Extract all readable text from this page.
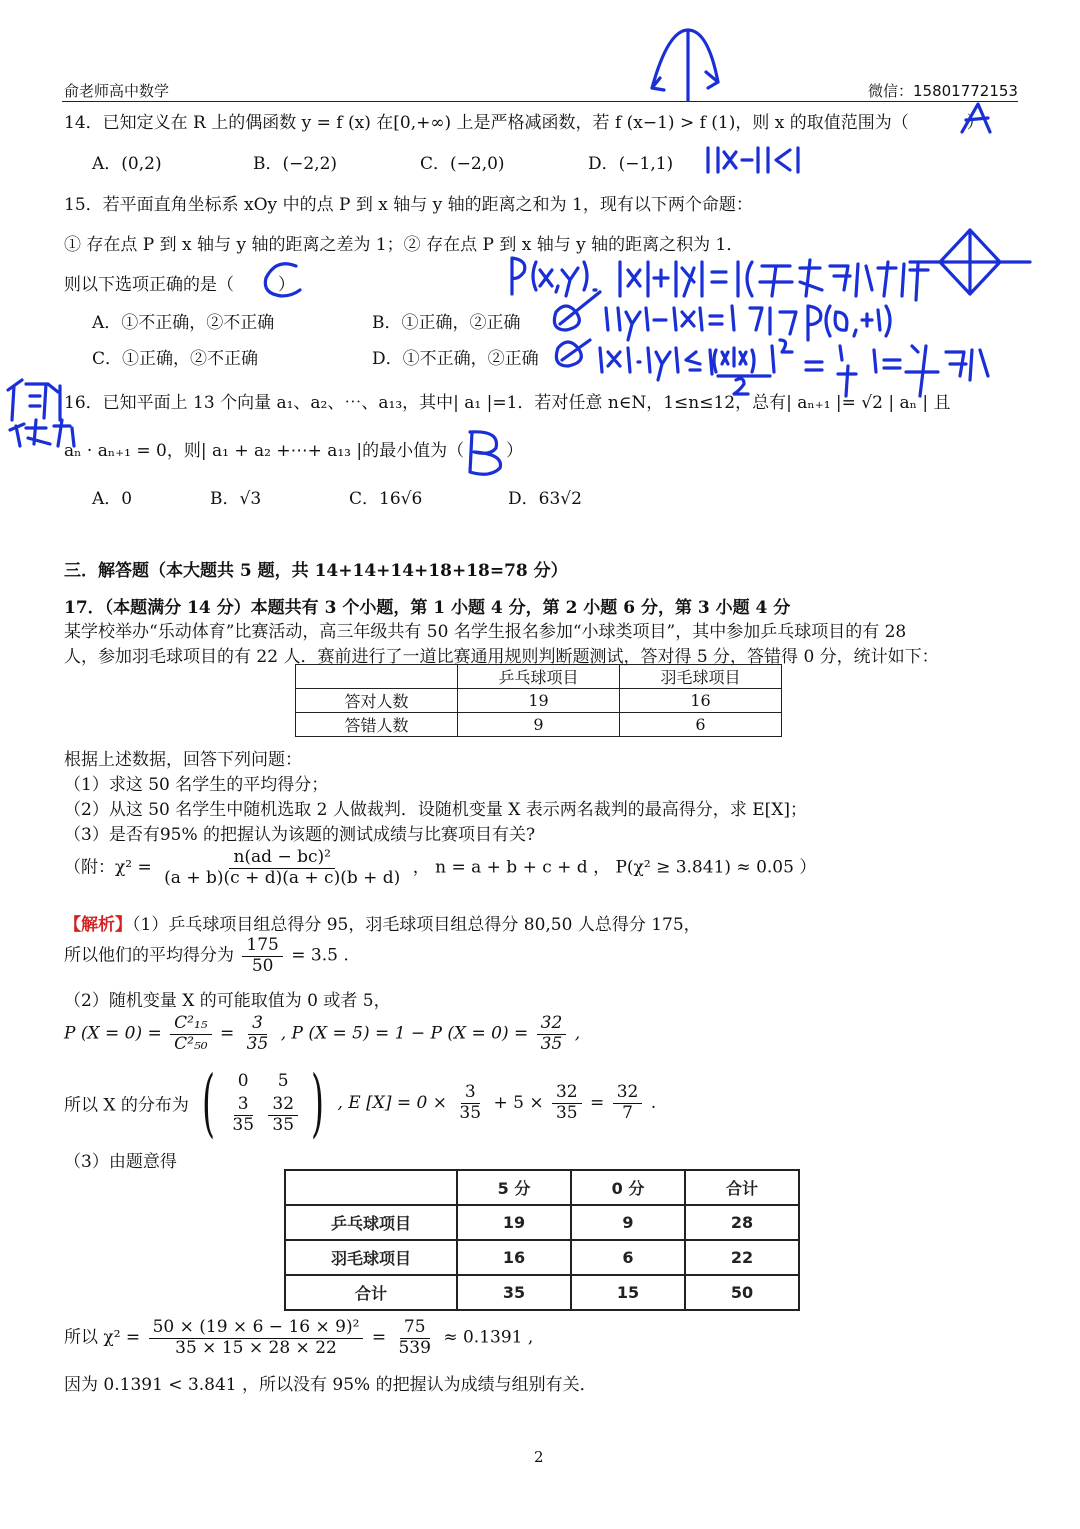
俞老师高中数学	微信：15801772153
14．已知定义在 R 上的偶函数 y = f (x) 在[0,+∞) 上是严格减函数，若 f (x−1) > f (1)，则 x 的取值范围为（	）
A．(0,2)	B．(−2,2)	C．(−2,0)	D．(−1,1)
15．若平面直角坐标系 xOy 中的点 P 到 x 轴与 y 轴的距离之和为 1，现有以下两个命题：
① 存在点 P 到 x 轴与 y 轴的距离之差为 1；② 存在点 P 到 x 轴与 y 轴的距离之积为 1．
则以下选项正确的是（	）
A．①不正确，②不正确	B．①正确，②正确
C．①正确，②不正确	D．①不正确，②正确
16．已知平面上 13 个向量 a₁、a₂、⋯、a₁₃，其中| a₁ |=1．若对任意 n∈N，1≤n≤12，总有| aₙ₊₁ |= √2 | aₙ | 且
aₙ · aₙ₊₁ = 0，则| a₁ + a₂ +⋯+ a₁₃ |的最小值为（ ）
A．0	B．√3	C．16√6	D．63√2
三．解答题（本大题共 5 题，共 14+14+14+18+18=78 分）
17．（本题满分 14 分）本题共有 3 个小题，第 1 小题 4 分，第 2 小题 6 分，第 3 小题 4 分
某学校举办“乐动体育”比赛活动，高三年级共有 50 名学生报名参加“小球类项目”，其中参加乒乓球项目的有 28
人，参加羽毛球项目的有 22 人．赛前进行了一道比赛通用规则判断题测试，答对得 5 分，答错得 0 分，统计如下：
	乒乓球项目	羽毛球项目
答对人数	19	16
答错人数	9	6
根据上述数据，回答下列问题：
（1）求这 50 名学生的平均得分；
（2）从这 50 名学生中随机选取 2 人做裁判．设随机变量 X 表示两名裁判的最高得分，求 E[X]；
（3）是否有95% 的把握认为该题的测试成绩与比赛项目有关?
（附：$\chi^2 = \frac{\text{n(ad − bc)²}}{(a + b)(c + d)(a + c)(b + d)}$ ， n = a + b + c + d ， P(χ² ≥ 3.841) ≈ 0.05 ）
【解析】（1）乒乓球项目组总得分 95，羽毛球项目组总得分 80,50 人总得分 175，
所以他们的平均得分为 $\frac{175}{50} = 3.5$ .
（2）随机变量 X 的可能取值为 0 或者 5，
P $(X = 0) = \frac{\text{C²₁₅}}{\text{C²₅₀}} = \frac{3}{35}$ , P (X = 5) = 1 − P $(X = 0) = \frac{32}{35}$ ,
所以 X 的分布为 (	0	5
$\frac{3}{35} \frac{32}{35}$ ) , E $[X] = 0 \times \frac{3}{35} + 5 \times \frac{32}{35} = \frac{32}{7}$ .
（3）由题意得
	5 分	0 分	合计
乒乓球项目	19	9	28
羽毛球项目	16	6	22
合计	35	15	50
所以 $\chi^2 = \frac{\text{50 × (19 × 6 − 16 × 9)²}}{35 \times 15 \times 28 \times 22} = \frac{75}{539} \approx 0.1391$ ,
因为 0.1391 < 3.841 ，所以没有 95% 的把握认为成绩与组别有关．
2
